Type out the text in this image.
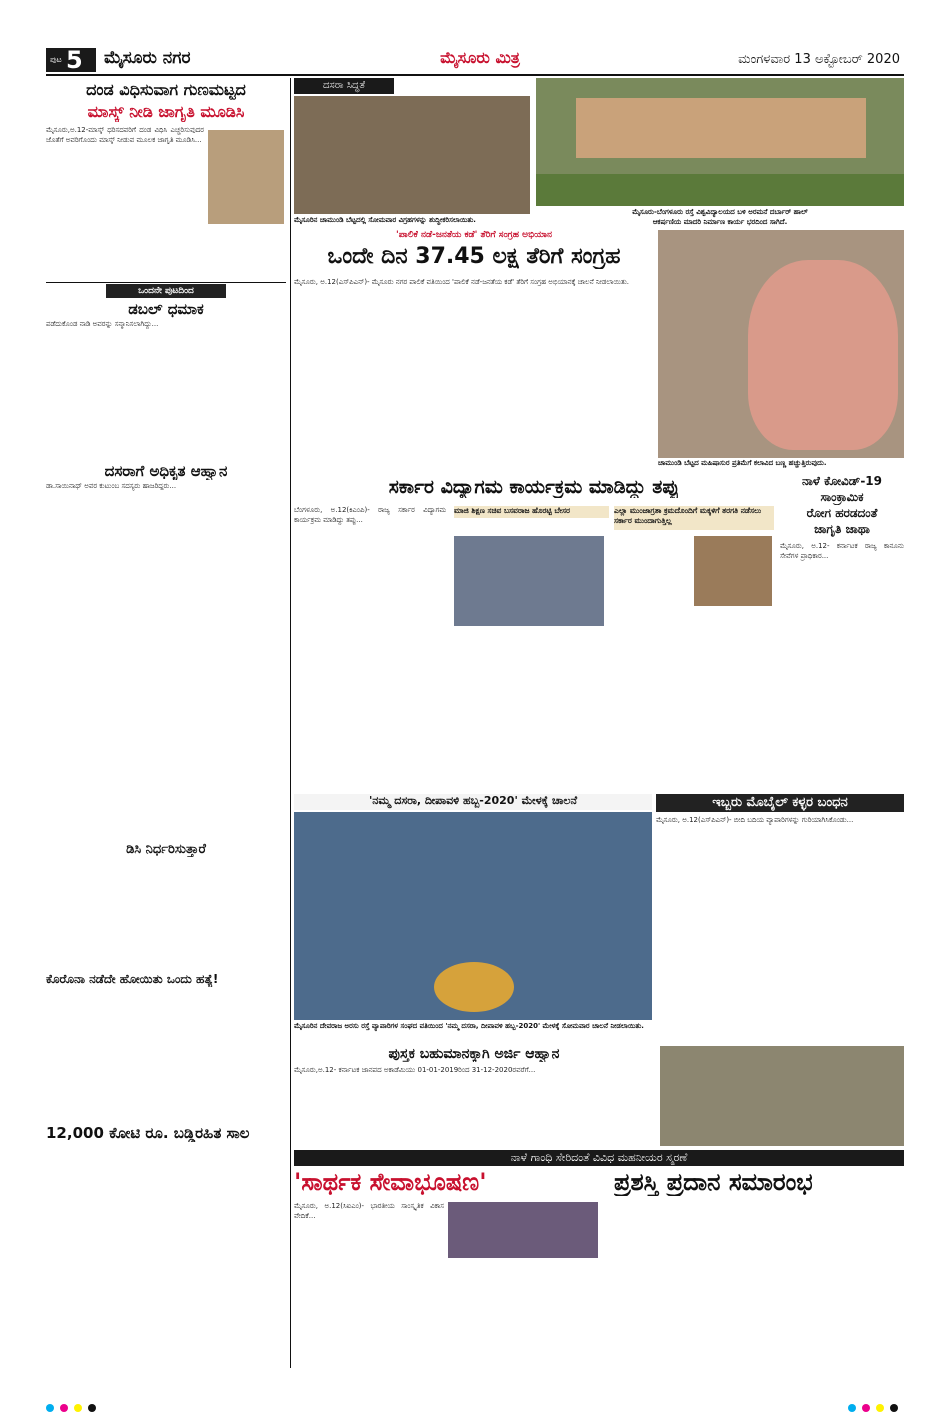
ಪುಟ 5 ಮೈಸೂರು ನಗರ	ಮೈಸೂರು ಮಿತ್ರ	ಮಂಗಳವಾರ 13 ಅಕ್ಟೋಬರ್ 2020
ದಂಡ ವಿಧಿಸುವಾಗ ಗುಣಮಟ್ಟದ
ಮಾಸ್ಕ್ ನೀಡಿ ಜಾಗೃತಿ ಮೂಡಿಸಿ
ಮೈಸೂರು,ಅ.12-ಮಾಸ್ಕ್ ಧರಿಸದವರಿಗೆ ದಂಡ ವಿಧಿಸಿ ಎಚ್ಚರಿಸುವುದರ ಜೊತೆಗೆ ಅವರಿಗೊಂದು ಮಾಸ್ಕ್ ನೀಡುವ ಮೂಲಕ ಜಾಗೃತಿ ಮೂಡಿಸಿ...
ಒಂದನೇ ಪುಟದಿಂದ
ಡಬಲ್ ಧಮಾಕ
ಪಡೆದುಕೊಂಡ ನಾಡಿ ಅವರನ್ನು ಸನ್ಮಾನಿಸಲಾಗಿದ್ದು...
ದಸರಾಗೆ ಅಧಿಕೃತ ಆಹ್ವಾನ
ಡಾ.ಸಾಯಿನಾಥ್ ಅವರ ಕುಟುಂಬ ಸದಸ್ಯರು ಹಾಜರಿದ್ದರು...
ಡಿಸಿ ನಿರ್ಧರಿಸುತ್ತಾರೆ
ಕೊರೊನಾ ನಡೆದೇ ಹೋಯಿತು ಒಂದು ಹತ್ಯೆ!
12,000 ಕೋಟಿ ರೂ. ಬಡ್ಡಿರಹಿತ ಸಾಲ
ದಸರಾ ಸಿದ್ಧತೆ
ಮೈಸೂರಿನ ಚಾಮುಂಡಿ ಬೆಟ್ಟದಲ್ಲಿ ಸೋಮವಾರ ವಿಗ್ರಹಗಳನ್ನು ಶುದ್ಧೀಕರಿಸಲಾಯಿತು.
ಮೈಸೂರು-ಬೆಂಗಳೂರು ರಸ್ತೆ ವಿಶ್ವವಿದ್ಯಾಲಯದ ಬಳಿ ಅರಮನೆ ದರ್ಬಾರ್ ಹಾಲ್
ಆಕರ್ಷಣಿಯ ಮಾದರಿ ನಿರ್ಮಾಣ ಕಾರ್ಯ ಭರದಿಂದ ಸಾಗಿದೆ.
'ಪಾಲಿಕೆ ನಡೆ-ಜನತೆಯ ಕಡೆ' ತೆರಿಗೆ ಸಂಗ್ರಹ ಅಭಿಯಾನ
ಒಂದೇ ದಿನ 37.45 ಲಕ್ಷ ತೆರಿಗೆ ಸಂಗ್ರಹ
ಮೈಸೂರು, ಅ.12(ಎಸ್‌ಪಿಎನ್)- ಮೈಸೂರು ನಗರ ಪಾಲಿಕೆ ವತಿಯಿಂದ 'ಪಾಲಿಕೆ ನಡೆ-ಜನತೆಯ ಕಡೆ' ತೆರಿಗೆ ಸಂಗ್ರಹ ಅಭಿಯಾನಕ್ಕೆ ಚಾಲನೆ ನೀಡಲಾಯಿತು.
ಚಾಮುಂಡಿ ಬೆಟ್ಟದ ಮಹಿಷಾಸುರ ಪ್ರತಿಮೆಗೆ ಕಲಾವಿದ ಬಣ್ಣ ಹಚ್ಚುತ್ತಿರುವುದು.
ಸರ್ಕಾರ ವಿದ್ಯಾಗಮ ಕಾರ್ಯಕ್ರಮ ಮಾಡಿದ್ದು ತಪ್ಪು
ಬೆಂಗಳೂರು, ಅ.12(ಕಿಎಂಪಿ)- ರಾಜ್ಯ ಸರ್ಕಾರ ವಿದ್ಯಾಗಮ ಕಾರ್ಯಕ್ರಮ ಮಾಡಿದ್ದು ತಪ್ಪು...
ಮಾಜಿ ಶಿಕ್ಷಣ ಸಚಿವ ಬಸವರಾಜ ಹೊರಟ್ಟಿ ಬೇಸರ	ಎಲ್ಲಾ ಮುಂಜಾಗ್ರತಾ ಕ್ರಮದೊಂದಿಗೆ ಮಕ್ಕಳಿಗೆ ತರಗತಿ ನಡೆಸಲು ಸರ್ಕಾರ ಮುಂದಾಗುತ್ತಿಲ್ಲ
ನಾಳೆ ಕೋವಿಡ್-19
ಸಾಂಕ್ರಾಮಿಕ
ರೋಗ ಹರಡದಂತೆ
ಜಾಗೃತಿ ಜಾಥಾ
ಮೈಸೂರು, ಅ.12- ಕರ್ನಾಟಕ ರಾಜ್ಯ ಕಾನೂನು ಸೇವೆಗಳ ಪ್ರಾಧಿಕಾರ...
'ನಮ್ಮ ದಸರಾ, ದೀಪಾವಳಿ ಹಬ್ಬ-2020' ಮೇಳಕ್ಕೆ ಚಾಲನೆ
ಮೈಸೂರಿನ ದೇವರಾಜ ಅರಸು ರಸ್ತೆ ವ್ಯಾಪಾರಿಗಳ ಸಂಘದ ವತಿಯಿಂದ 'ನಮ್ಮ ದಸರಾ, ದೀಪಾವಳಿ ಹಬ್ಬ-2020' ಮೇಳಕ್ಕೆ ಸೋಮವಾರ ಚಾಲನೆ ನೀಡಲಾಯಿತು.
ಇಬ್ಬರು ಮೊಬೈಲ್ ಕಳ್ಳರ ಬಂಧನ
ಮೈಸೂರು, ಅ.12(ಎಸ್‌ಪಿಎನ್)- ಬೀದಿ ಬದಿಯ ವ್ಯಾಪಾರಿಗಳನ್ನು ಗುರಿಯಾಗಿಸಿಕೊಂಡು...
ಪುಸ್ತಕ ಬಹುಮಾನಕ್ಕಾಗಿ ಅರ್ಜಿ ಆಹ್ವಾನ
ಮೈಸೂರು,ಅ.12- ಕರ್ನಾಟಕ ಜಾನಪದ ಅಕಾಡೆಮಿಯು 01-01-2019ರಿಂದ 31-12-2020ರವರೆಗೆ...
ನಾಳೆ ಗಾಂಧಿ ಸೇರಿದಂತೆ ವಿವಿಧ ಮಹನೀಯರ ಸ್ಮರಣೆ
'ಸಾರ್ಥಕ ಸೇವಾಭೂಷಣ'	ಪ್ರಶಸ್ತಿ ಪ್ರದಾನ ಸಮಾರಂಭ
ಮೈಸೂರು, ಅ.12(ಸಿಐಎಂ)- ಭಾರತೀಯ ಸಾಂಸ್ಕೃತಿಕ ವಿಕಾಸ ವೇದಿಕೆ...
